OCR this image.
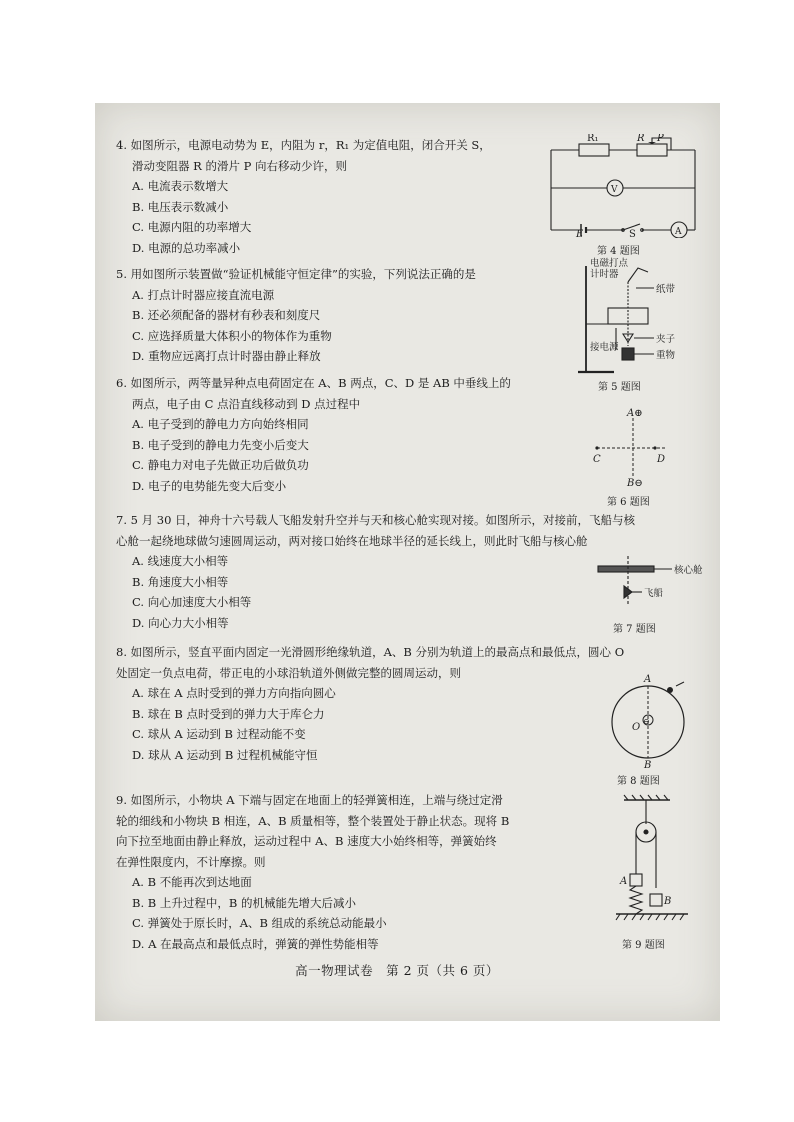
4. 如图所示，电源电动势为 E，内阻为 r，R₁ 为定值电阻，闭合开关 S，
滑动变阻器 R 的滑片 P 向右移动少许，则
A. 电流表示数增大
B. 电压表示数减小
C. 电源内阻的功率增大
D. 电源的总功率减小
R₁	R P
V
A
E	S
第 4 题图
5. 用如图所示装置做“验证机械能守恒定律”的实验，下列说法正确的是
A. 打点计时器应接直流电源
B. 还必须配备的器材有秒表和刻度尺
C. 应选择质量大体积小的物体作为重物
D. 重物应远离打点计时器由静止释放
电磁打点
计时器
纸带
接电源
夹子
重物
第 5 题图
6. 如图所示，两等量异种点电荷固定在 A、B 两点，C、D 是 AB 中垂线上的
两点，电子由 C 点沿直线移动到 D 点过程中
A. 电子受到的静电力方向始终相同
B. 电子受到的静电力先变小后变大
C. 静电力对电子先做正功后做负功
D. 电子的电势能先变大后变小
A⊕
B⊖
C	D
第 6 题图
7. 5 月 30 日，神舟十六号载人飞船发射升空并与天和核心舱实现对接。如图所示，对接前，飞船与核
心舱一起绕地球做匀速圆周运动，两对接口始终在地球半径的延长线上，则此时飞船与核心舱
A. 线速度大小相等
B. 角速度大小相等
C. 向心加速度大小相等
D. 向心力大小相等
核心舱
飞船
第 7 题图
8. 如图所示，竖直平面内固定一光滑圆形绝缘轨道，A、B 分别为轨道上的最高点和最低点，圆心 O
处固定一负点电荷，带正电的小球沿轨道外侧做完整的圆周运动，则
A. 球在 A 点时受到的弹力方向指向圆心
B. 球在 B 点时受到的弹力大于库仑力
C. 球从 A 运动到 B 过程动能不变
D. 球从 A 运动到 B 过程机械能守恒
A
B
O
⊖
第 8 题图
9. 如图所示，小物块 A 下端与固定在地面上的轻弹簧相连，上端与绕过定滑
轮的细线和小物块 B 相连，A、B 质量相等，整个装置处于静止状态。现将 B
向下拉至地面由静止释放，运动过程中 A、B 速度大小始终相等，弹簧始终
在弹性限度内，不计摩擦。则
A. B 不能再次到达地面
B. B 上升过程中，B 的机械能先增大后减小
C. 弹簧处于原长时，A、B 组成的系统总动能最小
D. A 在最高点和最低点时，弹簧的弹性势能相等
A
B
第 9 题图
高一物理试卷　第 2 页（共 6 页）
